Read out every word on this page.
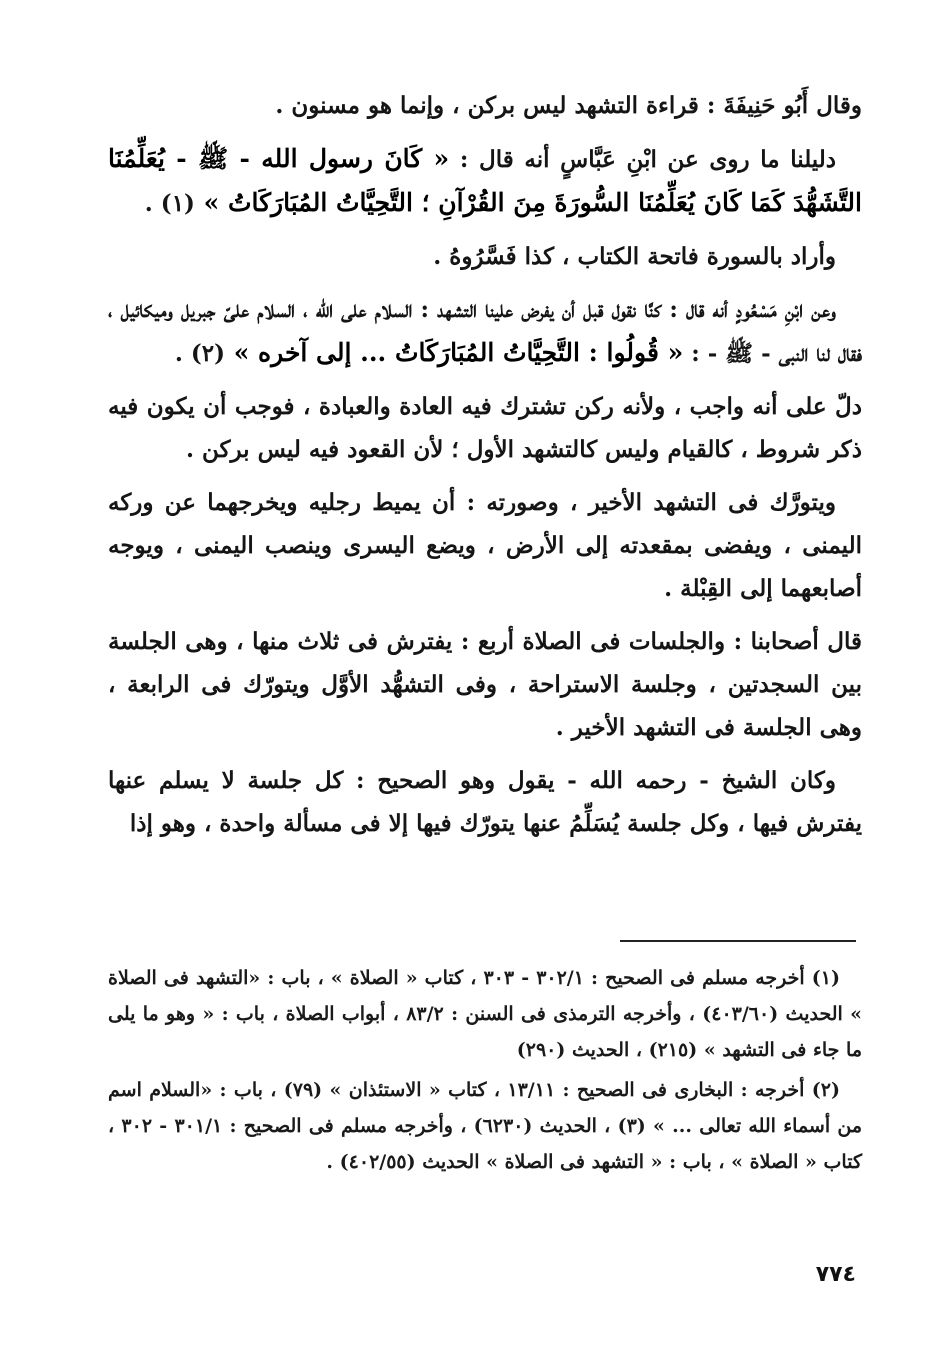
وقال أَبُو حَنِيفَةَ : قراءة التشهد ليس بركن ، وإنما هو مسنون .

دليلنا ما روى عن ابْنِ عَبَّاسٍ أنه قال : « كَانَ رسول الله - ﷺ - يُعَلِّمُنَا التَّشَهُّدَ كَمَا كَانَ يُعَلِّمُنَا السُّورَةَ مِنَ القُرْآنِ ؛ التَّحِيَّاتُ المُبَارَكَاتُ » (١) .

وأراد بالسورة فاتحة الكتاب ، كذا فَسَّرُوهُ .

وعن ابْنِ مَسْعُودٍ أنه قال : كنَّا نقول قبل أن يفرض علينا التشهد : السلام على الله ، السلام علىّ جبريل وميكائيل ، فقال لنا النبى - ﷺ - : « قُولُوا : التَّحِيَّاتُ المُبَارَكَاتُ ... إلى آخره » (٢) .

دلّ على أنه واجب ، ولأنه ركن تشترك فيه العادة والعبادة ، فوجب أن يكون فيه ذكر شروط ، كالقيام وليس كالتشهد الأول ؛ لأن القعود فيه ليس بركن .

ويتورَّك فى التشهد الأخير ، وصورته : أن يميط رجليه ويخرجهما عن وركه اليمنى ، ويفضى بمقعدته إلى الأرض ، ويضع اليسرى وينصب اليمنى ، ويوجه أصابعهما إلى القِبْلة .

قال أصحابنا : والجلسات فى الصلاة أربع : يفترش فى ثلاث منها ، وهى الجلسة بين السجدتين ، وجلسة الاستراحة ، وفى التشهُّد الأوَّل ويتورّك فى الرابعة ، وهى الجلسة فى التشهد الأخير .

وكان الشيخ - رحمه الله - يقول وهو الصحيح : كل جلسة لا يسلم عنها يفترش فيها ، وكل جلسة يُسَلِّمُ عنها يتورّك فيها إلا فى مسألة واحدة ، وهو إذا

(١) أخرجه مسلم فى الصحيح : ٣٠٢/١ - ٣٠٣ ، كتاب « الصلاة » ، باب : «التشهد فى الصلاة » الحديث (٤٠٣/٦٠) ، وأخرجه الترمذى فى السنن : ٨٣/٢ ، أبواب الصلاة ، باب : « وهو ما يلى ما جاء فى التشهد » (٢١٥) ، الحديث (٢٩٠)

(٢) أخرجه : البخارى فى الصحيح : ١٣/١١ ، كتاب « الاستئذان » (٧٩) ، باب : «السلام اسم من أسماء الله تعالى ... » (٣) ، الحديث (٦٢٣٠) ، وأخرجه مسلم فى الصحيح : ٣٠١/١ - ٣٠٢ ، كتاب « الصلاة » ، باب : « التشهد فى الصلاة » الحديث (٤٠٢/٥٥) .

٧٧٤
